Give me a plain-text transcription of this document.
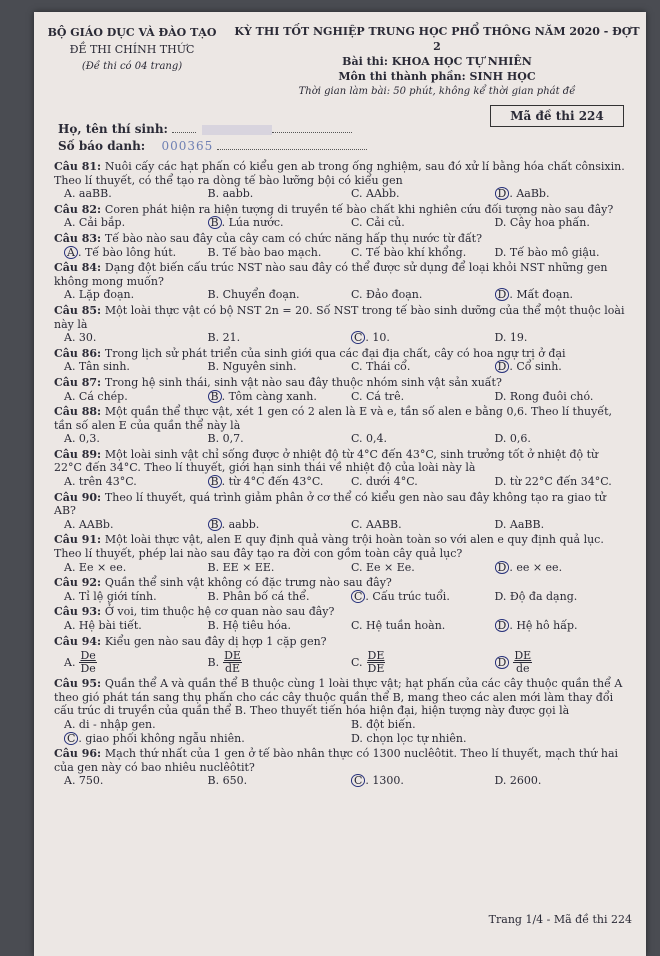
BỘ GIÁO DỤC VÀ ĐÀO TẠO
ĐỀ THI CHÍNH THỨC
(Đề thi có 04 trang)
KỲ THI TỐT NGHIỆP TRUNG HỌC PHỔ THÔNG NĂM 2020 - ĐỢT 2
Bài thi: KHOA HỌC TỰ NHIÊN
Môn thi thành phần: SINH HỌC
Thời gian làm bài: 50 phút, không kể thời gian phát đề
Họ, tên thí sinh:
Số báo danh: 000365
Mã đề thi 224
Câu 81: Nuôi cấy các hạt phấn có kiểu gen ab trong ống nghiệm, sau đó xử lí bằng hóa chất cônsixin. Theo lí thuyết, có thể tạo ra dòng tế bào lưỡng bội có kiểu gen
A. aaBB.	B. aabb.	C. AAbb.	D . AaBb.
Câu 82: Coren phát hiện ra hiện tượng di truyền tế bào chất khi nghiên cứu đối tượng nào sau đây?
A. Cải bắp.	B . Lúa nước.	C. Cải củ.	D. Cây hoa phấn.
Câu 83: Tế bào nào sau đây của cây cam có chức năng hấp thụ nước từ đất?
A . Tế bào lông hút.	B. Tế bào bao mạch.	C. Tế bào khí khổng.	D. Tế bào mô giậu.
Câu 84: Dạng đột biến cấu trúc NST nào sau đây có thể được sử dụng để loại khỏi NST những gen không mong muốn?
A. Lặp đoạn.	B. Chuyển đoạn.	C. Đảo đoạn.	D . Mất đoạn.
Câu 85: Một loài thực vật có bộ NST 2n = 20. Số NST trong tế bào sinh dưỡng của thể một thuộc loài này là
A. 30.	B. 21.	C . 10.	D. 19.
Câu 86: Trong lịch sử phát triển của sinh giới qua các đại địa chất, cây có hoa ngự trị ở đại
A. Tân sinh.	B. Nguyên sinh.	C. Thái cổ.	D . Cổ sinh.
Câu 87: Trong hệ sinh thái, sinh vật nào sau đây thuộc nhóm sinh vật sản xuất?
A. Cá chép.	B . Tôm càng xanh.	C. Cá trê.	D. Rong đuôi chó.
Câu 88: Một quần thể thực vật, xét 1 gen có 2 alen là E và e, tần số alen e bằng 0,6. Theo lí thuyết, tần số alen E của quần thể này là
A. 0,3.	B. 0,7.	C. 0,4.	D. 0,6.
Câu 89: Một loài sinh vật chỉ sống được ở nhiệt độ từ 4°C đến 43°C, sinh trưởng tốt ở nhiệt độ từ 22°C đến 34°C. Theo lí thuyết, giới hạn sinh thái về nhiệt độ của loài này là
A. trên 43°C.	B . từ 4°C đến 43°C.	C. dưới 4°C.	D. từ 22°C đến 34°C.
Câu 90: Theo lí thuyết, quá trình giảm phân ở cơ thể có kiểu gen nào sau đây không tạo ra giao tử AB?
A. AABb.	B . aabb.	C. AABB.	D. AaBB.
Câu 91: Một loài thực vật, alen E quy định quả vàng trội hoàn toàn so với alen e quy định quả lục. Theo lí thuyết, phép lai nào sau đây tạo ra đời con gồm toàn cây quả lục?
A. Ee × ee.	B. EE × EE.	C. Ee × Ee.	D . ee × ee.
Câu 92: Quần thể sinh vật không có đặc trưng nào sau đây?
A. Tỉ lệ giới tính.	B. Phân bố cá thể.	C . Cấu trúc tuổi.	D. Độ đa dạng.
Câu 93: Ở voi, tim thuộc hệ cơ quan nào sau đây?
A. Hệ bài tiết.	B. Hệ tiêu hóa.	C. Hệ tuần hoàn.	D . Hệ hô hấp.
Câu 94: Kiểu gen nào sau đây dị hợp 1 cặp gen?
A. $\frac{De}{De}$	B. $\frac{DE}{dE}$	C. $\frac{DE}{DE}$	D $\frac{DE}{de}$
Câu 95: Quần thể A và quần thể B thuộc cùng 1 loài thực vật; hạt phấn của các cây thuộc quần thể A theo gió phát tán sang thụ phấn cho các cây thuộc quần thể B, mang theo các alen mới làm thay đổi cấu trúc di truyền của quần thể B. Theo thuyết tiến hóa hiện đại, hiện tượng này được gọi là
A. di - nhập gen.	B. đột biến.
C . giao phối không ngẫu nhiên.	D. chọn lọc tự nhiên.
Câu 96: Mạch thứ nhất của 1 gen ở tế bào nhân thực có 1300 nuclêôtit. Theo lí thuyết, mạch thứ hai của gen này có bao nhiêu nuclêôtit?
A. 750.	B. 650.	C . 1300.	D. 2600.
Trang 1/4 - Mã đề thi 224
